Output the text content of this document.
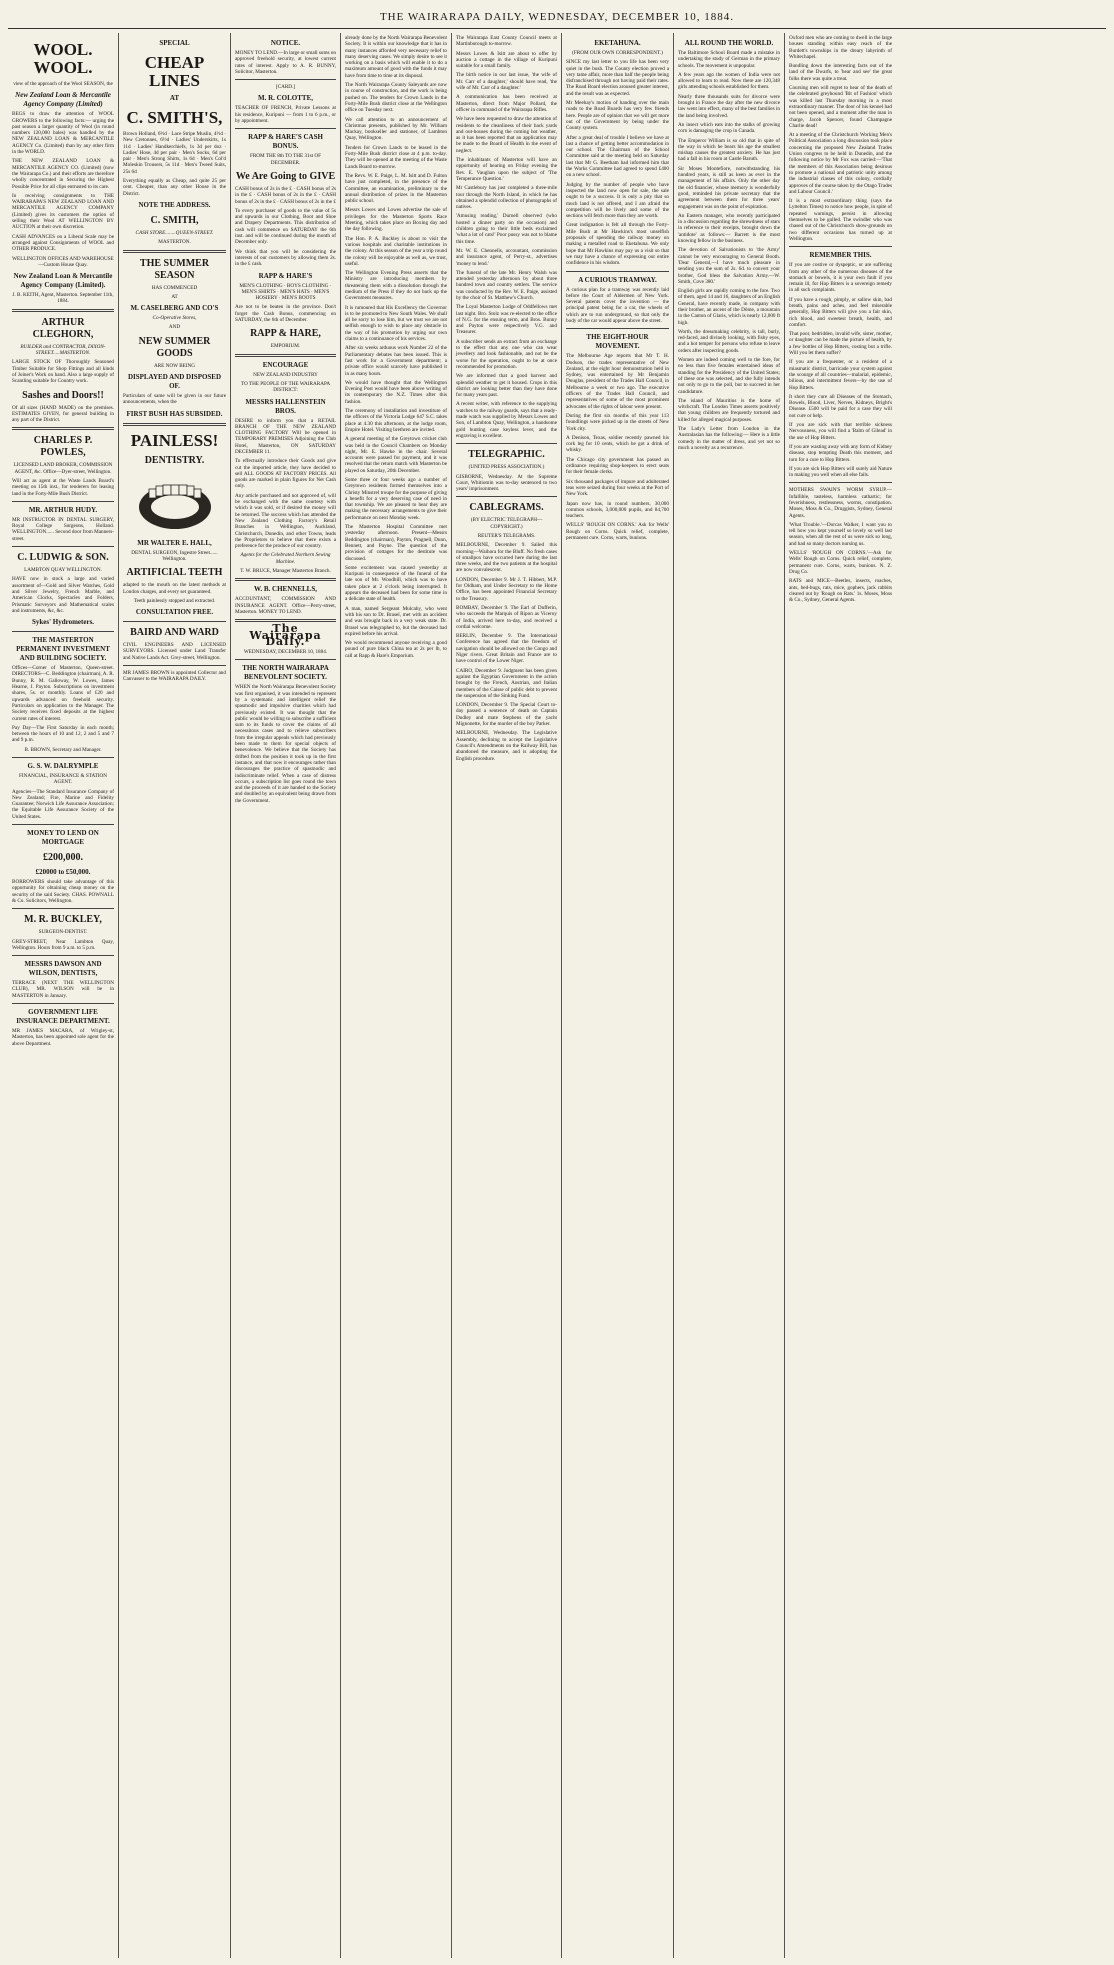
THE WAIRARAPA DAILY, WEDNESDAY, DECEMBER 10, 1884.
WOOL. WOOL.

view of the approach of the Wool SEASON, the

New Zealand Loan & Mercantile Agency Company (Limited)

BEGS to draw the attention of WOOL GROWERS to the following facts:— urging the past season a larger quantity of Wool (in round numbers 120,000 bales) was handled by the NEW ZEALAND LOAN & MERCANTILE AGENCY Co. (Limited) than by any other firm in the WORLD.

THE NEW ZEALAND LOAN & MERCANTILE AGENCY CO. (Limited) (now the Wairarapa Co.) and their efforts are therefore wholly concentrated in Securing the Highest Possible Price for all clips entrusted to its care.

In receiving consignments to THE WAIRARAPA'S NEW ZEALAND LOAN AND MERCANTILE AGENCY COMPANY (Limited) gives its customers the option of selling their Wool AT WELLINGTON BY AUCTION at their own discretion.

CASH ADVANCES on a Liberal Scale may be arranged against Consignments of WOOL and OTHER PRODUCE.

WELLINGTON OFFICES AND WAREHOUSE—Custom House Quay.

New Zealand Loan & Mercantile Agency Company (Limited).

J. B. KEITH, Agent, Masterton. September 11th, 1884.

ARTHUR CLEGHORN,

BUILDER and CONTRACTOR, DIXON-STREET.....MASTERTON.

LARGE STOCK OF Thoroughly Seasoned Timber Suitable for Shop Fittings and all kinds of Joiner's Work on hand. Also a large supply of Scantling suitable for Country work.

Sashes and Doors!!

Of all sizes (HAND MADE) on the premises. ESTIMATES GIVEN, for general building in any part of the District.

CHARLES P. POWLES,

LICENSED LAND BROKER, COMMISSION AGENT, &c. Office—Dyer-street, Wellington.

Will act as agent at the Waste Lands Board's meeting on 15th inst., for tenderers for leasing land in the Forty-Mile Bush District.

MR. ARTHUR HUDY.

MR INSTRUCTOR IN DENTAL SURGERY, Royal College Surgeons, Holland. WELLINGTON...... Second door from Manners-street.

C. LUDWIG & SON.

LAMBTON QUAY WELLINGTON.

HAVE now in stock a large and varied assortment of—Gold and Silver Watches, Gold and Silver Jewelry, French Marble, and American Clocks, Spectacles and Folders, Prismatic Surveyors and Mathematical scales and instruments, &c, &c.

Sykes' Hydrometers.
THE MASTERTON PERMANENT INVESTMENT AND BUILDING SOCIETY.

Offices—Corner of Masterton, Queen-street. DIRECTORS—C. Beddington (chairman), A. R. Bunny, R. M. Galloway, W. Lowes, James Hearne, J. Payton. Subscriptions on investment shares, 5s. or monthly. Loans of £20 and upwards advanced on freehold security. Particulars on application to the Manager. The Society receives fixed deposits at the highest current rates of interest.

Pay Day—The First Saturday in each month; between the hours of 10 and 12, 2 and 5 and 7 and 9 p.m.

B. BROWN, Secretary and Manager.

G. S. W. DALRYMPLE

FINANCIAL, INSURANCE & STATION AGENT.

Agencies—The Standard Insurance Company of New Zealand; Fire, Marine and Fidelity Guarantee; Norwich Life Assurance Association; the Equitable Life Assurance Society of the United States.

MONEY TO LEND ON MORTGAGE
£200,000.
£20000 to £50,000.

BORROWERS should take advantage of this opportunity for obtaining cheap money on the security of the said Society. CHAS. POWNALL & Co. Solicitors, Wellington.

M. R. BUCKLEY,

SURGEON-DENTIST.

GREY-STREET, Near Lambton Quay, Wellington. Hours from 9 a.m. to 5 p.m.

MESSRS DAWSON AND WILSON, DENTISTS,

TERRACE (NEXT THE WELLINGTON CLUB), MR. WILSON will be in MASTERTON in January.

GOVERNMENT LIFE INSURANCE DEPARTMENT.

MR JAMES MACARA, of Wrigley-st, Masterton, has been appointed sole agent for the above Department.

SPECIAL
CHEAP LINES
AT
C. SMITH'S,

Brown Holland, 6½d · Lace Stripe Muslin, 4½d · New Cretonnes, 6½d · Ladies' Underskirts, 1s 11d · Ladies' Handkerchiefs, 1s 3d per doz · Ladies' Hose, 4d per pair · Men's Socks, 6d per pair · Men's Strong Shirts, 1s 6d · Men's Col'd Moleskin Trousers, 5s 11d · Men's Tweed Suits, 25s 6d

Everything equally as Cheap, and quite 25 per cent. Cheaper, than any other House in the District.

NOTE THE ADDRESS.
C. SMITH,

CASH STORE........QUEEN-STREET.

MASTERTON.

THE SUMMER SEASON

HAS COMMENCED

AT

M. CASELBERG AND CO'S

Co-Operative Stores,

AND

NEW SUMMER GOODS

ARE NOW BEING

DISPLAYED AND DISPOSED OF.

Particulars of same will be given in our future announcements, when the

FIRST BUSH HAS SUBSIDED.
PAINLESS!
DENTISTRY.
MR WALTER E. HALL,

DENTAL SURGEON, Ingestre Street...... Wellington.

ARTIFICIAL TEETH

adapted to the mouth on the latest methods at London charges, and every set guaranteed.

Teeth painlessly stopped and extracted.

CONSULTATION FREE.
BAIRD AND WARD

CIVIL ENGINEERS AND LICENSED SURVEYORS. Licensed under Land Transfer and Native Lands Act. Grey-street, Wellington.

MR JAMES BROWN is appointed Collector and Canvasser to the WAIRARAPA DAILY.

NOTICE.

MONEY TO LEND.—In large or small sums on approved freehold security, at lowest current rates of interest. Apply to A. R. BUNNY, Solicitor, Masterton.

[CARD.]

M. R. COLOTTE,

TEACHER OF FRENCH, Private Lessons at his residence, Kuripuni — from 1 to 6 p.m., or by appointment.

RAPP & HARE'S CASH BONUS.

FROM THE 8th TO THE 31st OF DECEMBER.

We Are Going to GIVE

CASH bonus of 2s in the £ · CASH bonus of 2s in the £ · CASH bonus of 2s in the £ · CASH bonus of 2s in the £ · CASH bonus of 2s in the £

To every purchaser of goods to the value of 5s and upwards in our Clothing, Boot and Shoe and Drapery Departments. This distribution of cash will commence on SATURDAY the 6th inst. and will be continued during the month of December only.

We think that you will be considering the interests of our customers by allowing them 2s. in the £ cash.

RAPP & HARE'S

MEN'S CLOTHING · BOYS CLOTHING · MEN'S SHIRTS · MEN'S HATS · MEN'S HOSIERY · MEN'S BOOTS

Are not to be beaten in the province. Don't forget the Cash Bonus, commencing on SATURDAY, the 6th of December.

RAPP & HARE,

EMPORIUM.

ENCOURAGE

NEW ZEALAND INDUSTRY

TO THE PEOPLE OF THE WAIRARAPA DISTRICT:

MESSRS HALLENSTEIN BROS.

DESIRE to inform you that a RETAIL BRANCH OF THE NEW ZEALAND CLOTHING FACTORY Will be opened in TEMPORARY PREMISES Adjoining the Club Hotel, Masterton, ON SATURDAY DECEMBER 11.

To effectually introduce their Goods and give cut the imported article, they have decided to sell ALL GOODS AT FACTORY PRICES. All goods are marked in plain figures for Net Cash only.

Any article purchased and not approved of, will be exchanged with the same courtesy with which it was sold, or if desired the money will be returned. The success which has attended the New Zealand Clothing Factory's Retail Branches in Wellington, Auckland, Christchurch, Dunedin, and other Towns, leads the Proprietors to believe that there exists a preference for the produce of our country.

Agents for the Celebrated Northern Sewing Machine.

T. W. BRUCE, Manager Masterton Branch.

W. B. CHENNELLS,

ACCOUNTANT, COMMISSION AND INSURANCE AGENT. Office—Perry-street, Masterton. MONEY TO LEND.

The Wairarapa Daily.

WEDNESDAY, DECEMBER 10, 1884.

THE NORTH WAIRARAPA BENEVOLENT SOCIETY.

WHEN the North Wairarapa Benevolent Society was first organised, it was intended to represent by a systematic and intelligent relief the spasmodic and impulsive charities which had previously existed. It was thought that the public would be willing to subscribe a sufficient sum to its funds to cover the claims of all necessitous cases and to relieve subscribers from the irregular appeals which had previously been made to them for special objects of benevolence. We believe that the Society has drifted from the position it took up in the first instance, and that now it encourages rather than discourages the practice of spasmodic and indiscriminate relief. When a case of distress occurs, a subscription list goes round the town and the proceeds of it are handed to the Society and doubled by an equivalent being drawn from the Government.

already done by the North Wairarapa Benevolent Society. It is within our knowledge that it has in many instances afforded very necessary relief to many deserving cases. We simply desire to see it working on a basis which will enable it to do a maximum amount of good with the funds it may have from time to time at its disposal.

The North Wairarapa County Saleyards are now in course of construction, and the work is being pushed on. The tenders for Crown Lands in the Forty-Mile Bush district close at the Wellington office on Tuesday next.

We call attention to an announcement of Christmas presents, published by Mr. William Mackay, bookseller and stationer, of Lambton Quay, Wellington.

Tenders for Crown Lands to be leased in the Forty-Mile Bush district close at 4 p.m. to-day. They will be opened at the meeting of the Waste Lands Board to-morrow.

The Revs. W. E. Paige, L. M. Isitt and D. Fulton have just completed, in the presence of the Committee, an examination, preliminary to the annual distribution of prizes in the Masterton public school.

Messrs Lowes and Lowes advertise the sale of privileges for the Masterton Sports Race Meeting, which takes place on Boxing day and the day following.

The Hon. P. A. Buckley is about to visit the various hospitals and charitable institutions in the colony. At this season of the year a trip round the colony will be enjoyable as well as, we trust, useful.

The Wellington Evening Press asserts that the Ministry are introducing members by threatening them with a dissolution through the medium of the Press if they do not back up the Government measures.

It is rumoured that His Excellency the Governor is to be promoted to New South Wales. We shall all be sorry to lose him, but we trust we are not selfish enough to wish to place any obstacle in the way of his promotion by urging our own claims to a continuance of his services.

After six weeks arduous work Number 22 of the Parliamentary debates has been issued. This is fast work for a Government department; a private office would scarcely have published it in as many hours.

We would have thought that the Wellington Evening Post would have been above writing of its contemporary the N.Z. Times after this fashion.

The ceremony of installation and investiture of the officers of the Victoria Lodge 647 S.C. takes place at 4.30 this afternoon, at the lodge room, Empire Hotel. Visiting brethren are invited.

A general meeting of the Greytown cricket club was held in the Council Chambers on Monday night, Mr. E. Hawke in the chair. Several accounts were passed for payment, and it was resolved that the return match with Masterton be played on Saturday, 20th December.

Some three or four weeks ago a number of Greytown residents formed themselves into a Christy Minstrel troupe for the purpose of giving a benefit for a very deserving case of need in that township. We are pleased to hear they are making the necessary arrangements to give their performance on next Monday week.

The Masterton Hospital Committee met yesterday afternoon. Present—Messrs Beddington (chairman), Payton, Pragnell, Dunn, Bennett, and Payne. The question of the provision of cottages for the destitute was discussed.

Some excitement was caused yesterday at Kuripuni in consequence of the funeral of the late son of Mr. Woodhill, which was to have taken place at 2 o'clock being interrupted. It appears the deceased had been for some time in a delicate state of health.

A man, named Sergeant Mulcahy, who went with his son to Dr. Brasel, met with an accident and was brought back in a very weak state. Dr. Brasel was telegraphed to, but the deceased had expired before his arrival.

We would recommend anyone receiving a good pound of pure black China tea at 2s per lb, to call at Rapp & Hare's Emporium.

The Wairarapa East County Council meets at Martinborough to-morrow.

Messrs Lowes & Isitt are about to offer by auction a cottage in the village of Kuripuni suitable for a small family.

The birth notice in our last issue, 'the wife of Mr. Carr of a daughter,' should have read, 'the wife of Mr. Carr of a daughter.'

A communication has been received at Masterton, direct from Major Pollard, the officer in command of the Wairarapa Rifles.

We have been requested to draw the attention of residents to the cleanliness of their back yards and out-houses during the coming hot weather, as it has been reported that an application may be made to the Board of Health in the event of neglect.

The inhabitants of Masterton will have an opportunity of hearing on Friday evening the Rev. E. Vaughan upon the subject of 'The Temperance Question.'

Mr Castlebury has just completed a three-mile tour through the North Island, in which he has obtained a splendid collection of photographs of natives.

'Amusing reading,' Durnell observed (who hosted a dinner party on the occasion) and children going to their little beds exclaimed 'what a lot of cats!' Poor pussy was not to blame this time.

Mr. W. E. Chennells, accountant, commission and insurance agent, of Perry-st., advertises 'money to lend.'

The funeral of the late Mr. Henry Walsh was attended yesterday afternoon by about three hundred town and country settlers. The service was conducted by the Rev. W. E. Paige, assisted by the choir of St. Matthew's Church.

The Loyal Masterton Lodge of Oddfellows met last night. Bro. Stolz was re-elected to the office of N.G. for the ensuing term, and Bros. Bunny and Payton were respectively V.G. and Treasurer.

A subscriber sends an extract from an exchange to the effect that any one who can wear jewellery and look fashionable, and not be the worse for the operation, ought to be at once recommended for promotion.

We are informed that a good harvest and splendid weather to get it housed. Crops in this district are looking better than they have done for many years past.

A recent writer, with reference to the supplying watches to the railway guards, says that a ready-made watch was supplied by Messrs Lowes and Son, of Lambton Quay, Wellington, a handsome gold hunting case keyless lever, and the engraving is excellent.

TELEGRAPHIC.

(UNITED PRESS ASSOCIATION.)

GISBORNE, Wednesday. At the Supreme Court, Whitiomin was to-day sentenced to two years' imprisonment.

CABLEGRAMS.

(BY ELECTRIC TELEGRAPH—COPYRIGHT.)

REUTER'S TELEGRAMS.

MELBOURNE, December 9. Sailed this morning—Waihora for the Bluff. No fresh cases of smallpox have occurred here during the last three weeks, and the two patients at the hospital are now convalescent.

LONDON, December 9. Mr J. T. Hibbert, M.P. for Oldham, and Under Secretary to the Home Office, has been appointed Financial Secretary to the Treasury.

BOMBAY, December 9. The Earl of Dufferin, who succeeds the Marquis of Ripon as Viceroy of India, arrived here to-day, and received a cordial welcome.

BERLIN, December 9. The International Conference has agreed that the freedom of navigation should be allowed on the Congo and Niger rivers. Great Britain and France are to have control of the Lower Niger.

CAIRO, December 9. Judgment has been given against the Egyptian Government in the action brought by the French, Austrian, and Italian members of the Caisse of public debt to prevent the suspension of the Sinking Fund.

LONDON, December 9. The Special Court to-day passed a sentence of death on Captain Dudley and mate Stephens of the yacht Mignonette, for the murder of the boy Parker.

MELBOURNE, Wednesday. The Legislative Assembly, declining to accept the Legislative Council's Amendments on the Railway Bill, has abandoned the measure, and is adopting the English procedure.

EKETAHUNA.

(FROM OUR OWN CORRESPONDENT.)

SINCE my last letter to you life has been very quiet in the bush. The County election proved a very tame affair, more than half the people being disfranchised through not having paid their rates. The Road Board election aroused greater interest, and the result was as expected.

Mr Meehay's motion of handing over the main roads to the Road Boards has very few friends here. People are of opinion that we will get more out of the Government by being under the County system.

After a great deal of trouble I believe we have at last a chance of getting better accommodation in our school. The Chairman of the School Committee said at the meeting held on Saturday last that Mr G. Beetham had informed him that the Works Committee had agreed to spend £400 on a new school.

Judging by the number of people who have inspected the land now open for sale, the sale ought to be a success. It is only a pity that so much land is not offered, and I am afraid the competition will be lively and some of the sections will fetch more than they are worth.

Great indignation is felt all through the Forty-Mile Bush at Mr Hawkins's most unselfish proposals of spending the railway money on making a metalled road to Eketahuna. We only hope that Mr Hawkins may pay us a visit so that we may have a chance of expressing our entire confidence in his wisdom.

A CURIOUS TRAMWAY.

A curious plan for a tramway was recently laid before the Court of Aldermen of New York. Several patents cover the invention — the principal patent being for a car, the wheels of which are to run underground, so that only the body of the car would appear above the street.

THE EIGHT-HOUR MOVEMENT.

The Melbourne Age reports that Mr T. H. Dodson, the trades representative of New Zealand, at the eight hour demonstration held in Sydney, was entertained by Mr Benjamin Douglas, president of the Trades Hall Council, in Melbourne a week or two ago. The executive officers of the Trades Hall Council, and representatives of some of the most prominent advocates of the rights of labour were present.

During the first six months of this year 113 foundlings were picked up in the streets of New York city.

A Denison, Texas, soldier recently pawned his cork leg for 10 cents, which he got a drink of whisky.

The Chicago city government has passed an ordinance requiring shop-keepers to erect seats for their female clerks.

Six thousand packages of impure and adulterated teas were seized during four weeks at the Port of New York.

Japan now has, in round numbers, 30,000 common schools, 3,000,000 pupils, and 84,700 teachers.

WELLS' 'ROUGH ON CORNS.' Ask for Wells' Rough on Corns. Quick relief, complete, permanent cure. Corns, warts, bunions.

ALL ROUND THE WORLD.

The Baltimore School Board made a mistake in undertaking the study of German in the primary schools. The movement is unpopular.

A few years ago the women of India were not allowed to learn to read. Now there are 120,348 girls attending schools established for them.

Nearly three thousands suits for divorce were brought in France the day after the new divorce law went into effect, many of the best families in the land being involved.

An insect which eats into the stalks of growing corn is damaging the crop in Canada.

The Emperor William is so old that in spite of the way in which he bears his age the smallest mishap causes the greatest anxiety. He has just had a fall in his room at Castle Baruth.

Sir Moses Montefiore, notwithstanding his hundred years, is still as keen as ever in the management of his affairs. Only the other day the old financier, whose memory is wonderfully good, reminded his private secretary that the agreement between them for three years' engagement was on the point of expiration.

An Eastern manager, who recently participated in a discussion regarding the shrewdness of stars in reference to their receipts, brought down the 'antidote' as follows:— Barrett is the most knowing fellow in the business.

The devotion of Salvationists to 'the Army' cannot be very encouraging to General Booth. 'Dear General,—I have much pleasure in sending you the sum of 2s. 6d. to convert your brother, God bless the Salvation Army.—W. Smith, Cove 380.'

English girls are rapidly coming to the fore. Two of them, aged 14 and 16, daughters of an English General, have recently made, in company with their brother, an ascent of the Dôme, a mountain in the Canton of Glaris, which is nearly 12,000 ft high.

Worth, the dressmaking celebrity, is tall, burly, red-faced, and divinely looking, with fishy eyes, and a hot temper for persons who refuse to leave orders after inspecting goods.

Women are indeed coming well to the fore, for no less than five females entertained ideas of standing for the Presidency of the United States; of these one was selected, and she fully intends not only to go to the poll, but to succeed in her candidature.

The island of Mauritius is the home of witchcraft. The London Times asserts positively that young children are frequently tortured and killed for alleged magical purposes.

The Lady's Letter from London in the Australasian has the following:— Here is a little comedy in the matter of dress, and yet not so much a novelty as a recurrence.

Oxford men who are coming to dwell in the large houses standing within easy reach of the Burdett's townships in the dreary labyrinth of Whitechapel.

Bundling down the interesting facts out of the land of the Dwarfs, to 'hear and see' the great folks there was quite a treat.

Coursing men will regret to hear of the death of the celebrated greyhound 'Bit of Fashion' which was killed last Thursday morning in a most extraordinary manner. The door of his kennel had not been opened, and a moment after the man in charge, Jacob Spencer, found Champagne Charlie dead!

At a meeting of the Christchurch Working Men's Political Association a long discussion took place concerning the proposed New Zealand Trades Union congress to be held in Dunedin, and the following notice by Mr Fox was carried:—'That the members of this Association being desirous to promote a national and patriotic unity among the industrial classes of this colony, cordially approves of the course taken by the Otago Trades and Labour Council.'

It is a most extraordinary thing (says the Lyttelton Times) to notice how people, in spite of repeated warnings, persist in allowing themselves to be gulled. The swindler who was chased out of the Christchurch show-grounds on two different occasions has turned up at Wellington.

REMEMBER THIS.

If you are costive or dyspeptic, or are suffering from any other of the numerous diseases of the stomach or bowels, it is your own fault if you remain ill, for Hop Bitters is a sovereign remedy in all such complaints.

If you have a rough, pimply, or sallow skin, bad breath, pains and aches, and feel miserable generally, Hop Bitters will give you a fair skin, rich blood, and sweetest breath, health, and comfort.

That poor, bedridden, invalid wife, sister, mother, or daughter can be made the picture of health, by a few bottles of Hop Bitters, costing but a trifle. Will you let them suffer?

If you are a frequenter, or a resident of a miasmatic district, barricade your system against the scourge of all countries—malarial, epidemic, bilious, and intermittent fevers—by the use of Hop Bitters.

It short they cure all Diseases of the Stomach, Bowels, Blood, Liver, Nerves, Kidneys, Bright's Disease. £500 will be paid for a case they will not cure or help.

If you are sick with that terrible sickness Nervousness, you will find a 'Balm of Gilead' in the use of Hop Bitters.

If you are wasting away with any form of Kidney disease, stop tempting Death this moment, and turn for a cure to Hop Bitters.

If you are sick Hop Bitters will surely aid Nature in making you well when all else fails.

MOTHERS SWAIN'S WORM SYRUP.—Infallible, tasteless, harmless cathartic; for feverishness, restlessness, worms, constipation. Moses, Moss & Co., Druggists, Sydney, General Agents.

'What Trouble.'—Dorcas Walker, I want you to tell how you kept yourself so lovely so well last season, when all the rest of us were sick so long, and had so many doctors nursing us.

WELLS' 'ROUGH ON CORNS.'—Ask for Wells' Rough on Corns. Quick relief, complete, permanent cure. Corns, warts, bunions. N. Z. Drug Co.

RATS and MICE—Beetles, insects, roaches, ants, bed-bugs, rats, mice, gophers, jack rabbits cleared out by 'Rough on Rats.' 1s. Moses, Moss & Co., Sydney, General Agents.
